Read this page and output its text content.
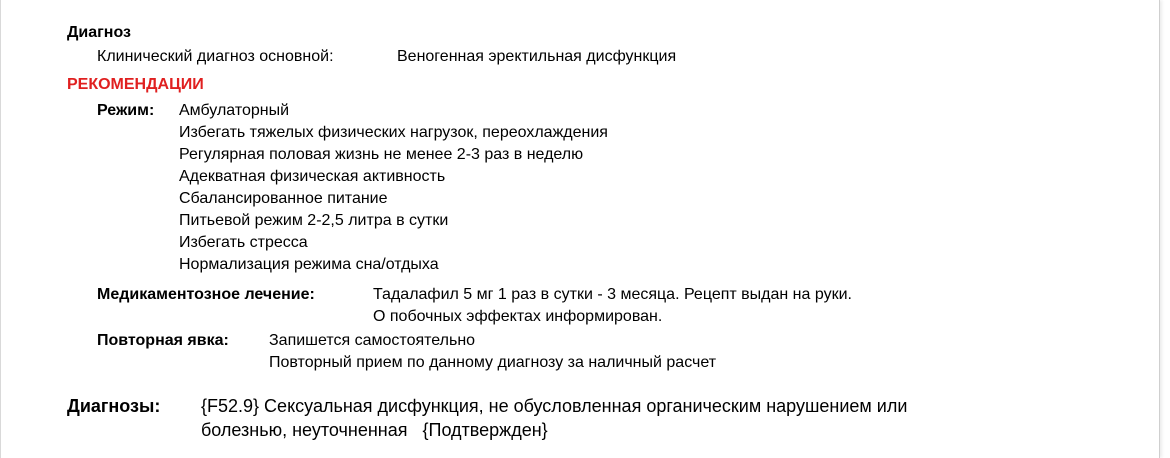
Диагноз
Клинический диагноз основной:	Веногенная эректильная дисфункция
РЕКОМЕНДАЦИИ
Режим: Амбулаторный
Избегать тяжелых физических нагрузок, переохлаждения
Регулярная половая жизнь не менее 2-3 раз в неделю
Адекватная физическая активность
Сбалансированное питание
Питьевой режим 2-2,5 литра в сутки
Избегать стресса
Нормализация режима сна/отдыха
Медикаментозное лечение:	Тадалафил 5 мг 1 раз в сутки - 3 месяца. Рецепт выдан на руки.
О побочных эффектах информирован.
Повторная явка:	Запишется самостоятельно
Повторный прием по данному диагнозу за наличный расчет
Диагнозы: {F52.9} Сексуальная дисфункция, не обусловленная органическим нарушением или
болезнью, неуточненная   {Подтвержден}
